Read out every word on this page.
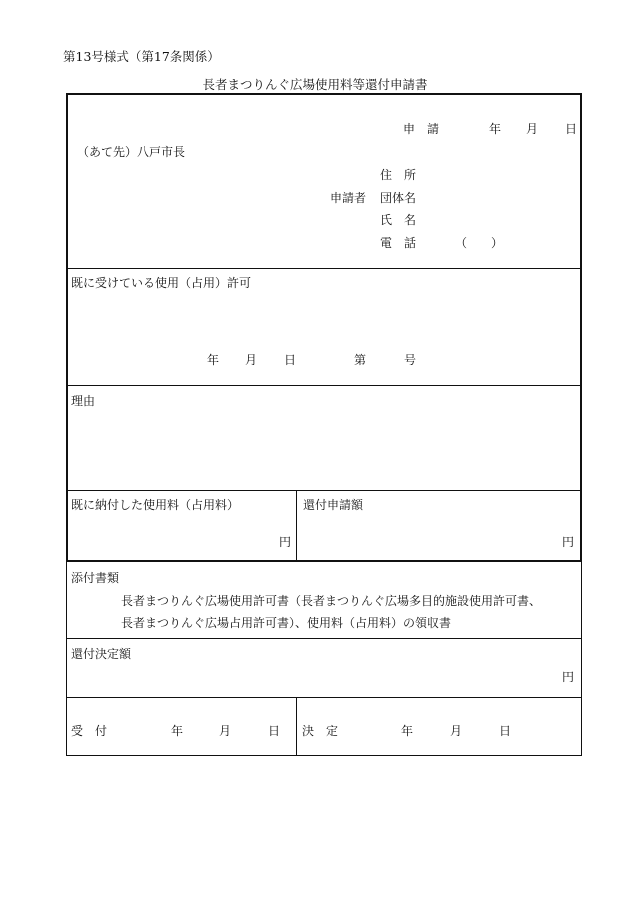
第13号様式（第17条関係）
長者まつりんぐ広場使用料等還付申請書
申　請	年 月 日
（あて先）八戸市長
住　所
申請者 団体名
氏　名
電　話	（　　）
既に受けている使用（占用）許可
年 月 日	第	号
理由
既に納付した使用料（占用料）
円
還付申請額
円
添付書類
長者まつりんぐ広場使用許可書（長者まつりんぐ広場多目的施設使用許可書、
長者まつりんぐ広場占用許可書）、使用料（占用料）の領収書
還付決定額
円
受　付	年	月	日 決　定	年	月	日
